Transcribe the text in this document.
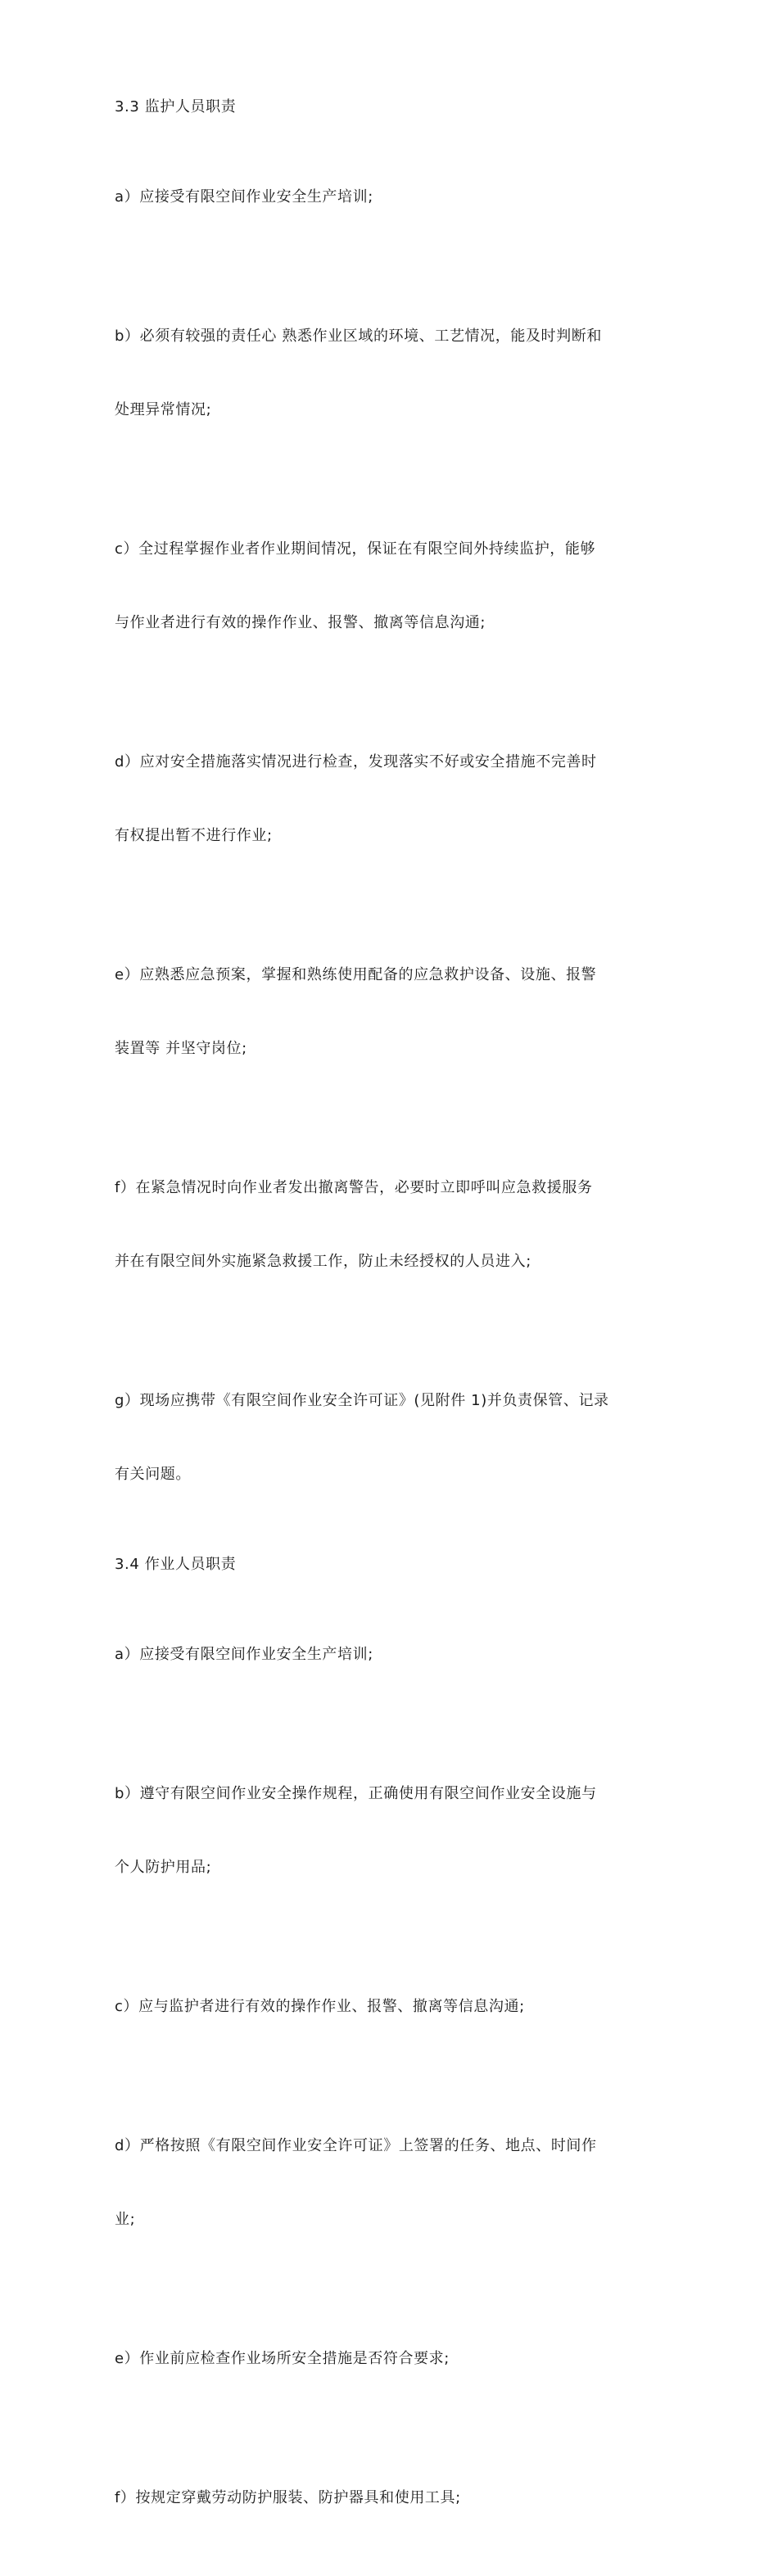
3.3 监护人员职责

a）应接受有限空间作业安全生产培训;

b）必须有较强的责任心 熟悉作业区域的环境、工艺情况，能及时判断和

处理异常情况;

c）全过程掌握作业者作业期间情况，保证在有限空间外持续监护，能够

与作业者进行有效的操作作业、报警、撤离等信息沟通;

d）应对安全措施落实情况进行检查，发现落实不好或安全措施不完善时

有权提出暂不进行作业;

e）应熟悉应急预案，掌握和熟练使用配备的应急救护设备、设施、报警

装置等 并坚守岗位;

f）在紧急情况时向作业者发出撤离警告，必要时立即呼叫应急救援服务

并在有限空间外实施紧急救援工作，防止未经授权的人员进入;

g）现场应携带《有限空间作业安全许可证》(见附件 1)并负责保管、记录

有关问题。

3.4 作业人员职责

a）应接受有限空间作业安全生产培训;

b）遵守有限空间作业安全操作规程，正确使用有限空间作业安全设施与

个人防护用品;

c）应与监护者进行有效的操作作业、报警、撤离等信息沟通;

d）严格按照《有限空间作业安全许可证》上签署的任务、地点、时间作

业;

e）作业前应检查作业场所安全措施是否符合要求;

f）按规定穿戴劳动防护服装、防护器具和使用工具;
